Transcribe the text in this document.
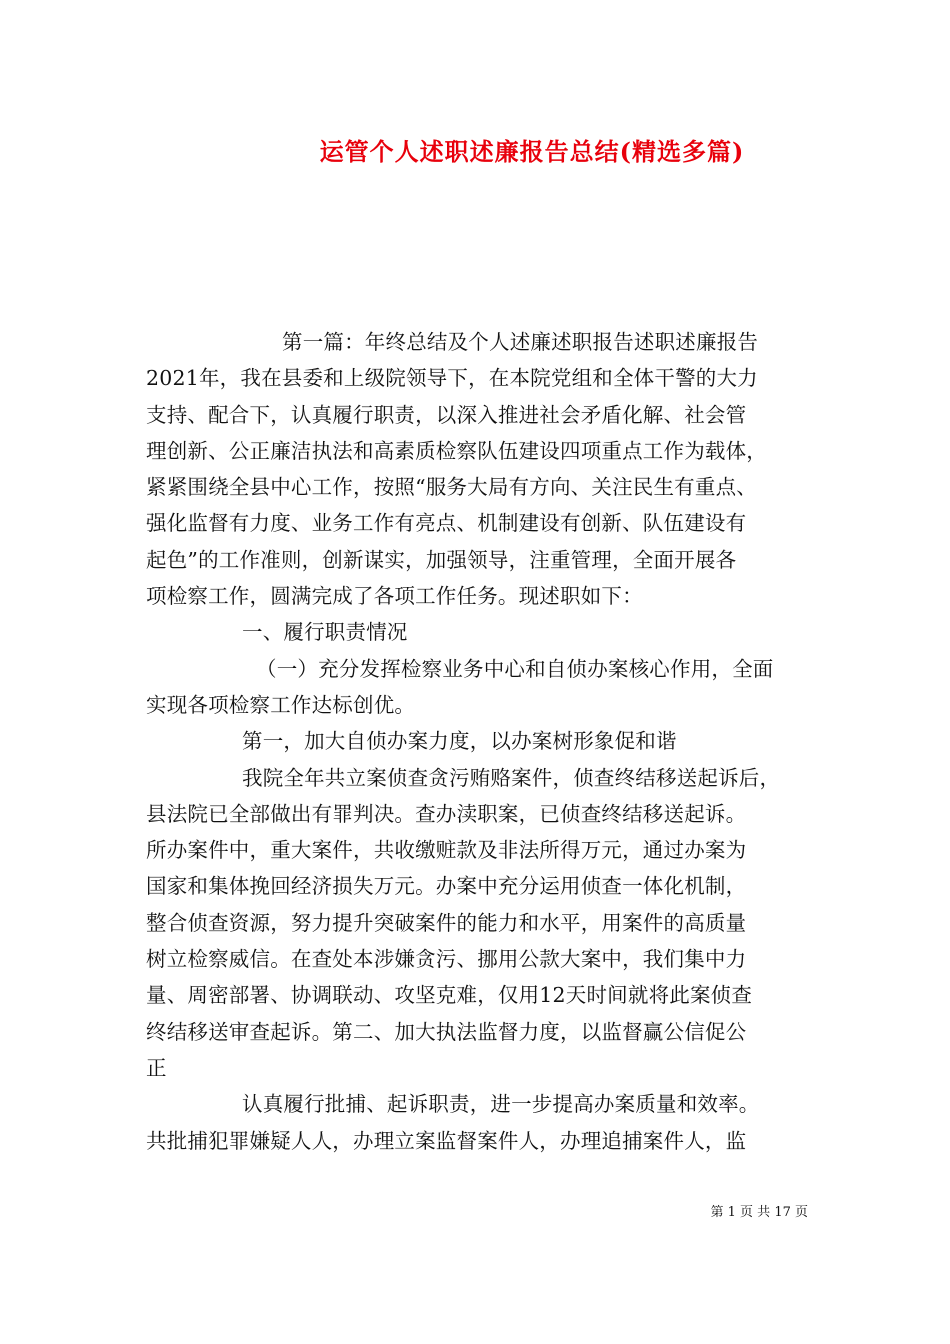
运管个人述职述廉报告总结(精选多篇)
第一篇：年终总结及个人述廉述职报告述职述廉报告
2021年，我在县委和上级院领导下，在本院党组和全体干警的大力
支持、配合下，认真履行职责，以深入推进社会矛盾化解、社会管
理创新、公正廉洁执法和高素质检察队伍建设四项重点工作为载体，
紧紧围绕全县中心工作，按照“服务大局有方向、关注民生有重点、
强化监督有力度、业务工作有亮点、机制建设有创新、队伍建设有
起色”的工作准则，创新谋实，加强领导，注重管理，全面开展各
项检察工作，圆满完成了各项工作任务。现述职如下：
一、履行职责情况
（一）充分发挥检察业务中心和自侦办案核心作用，全面
实现各项检察工作达标创优。
第一，加大自侦办案力度，以办案树形象促和谐
我院全年共立案侦查贪污贿赂案件，侦查终结移送起诉后，
县法院已全部做出有罪判决。查办渎职案，已侦查终结移送起诉。
所办案件中，重大案件，共收缴赃款及非法所得万元，通过办案为
国家和集体挽回经济损失万元。办案中充分运用侦查一体化机制，
整合侦查资源，努力提升突破案件的能力和水平，用案件的高质量
树立检察威信。在查处本涉嫌贪污、挪用公款大案中，我们集中力
量、周密部署、协调联动、攻坚克难，仅用12天时间就将此案侦查
终结移送审查起诉。第二、加大执法监督力度，以监督赢公信促公
正
认真履行批捕、起诉职责，进一步提高办案质量和效率。
共批捕犯罪嫌疑人人，办理立案监督案件人，办理追捕案件人，监
第 1 页 共 17 页
